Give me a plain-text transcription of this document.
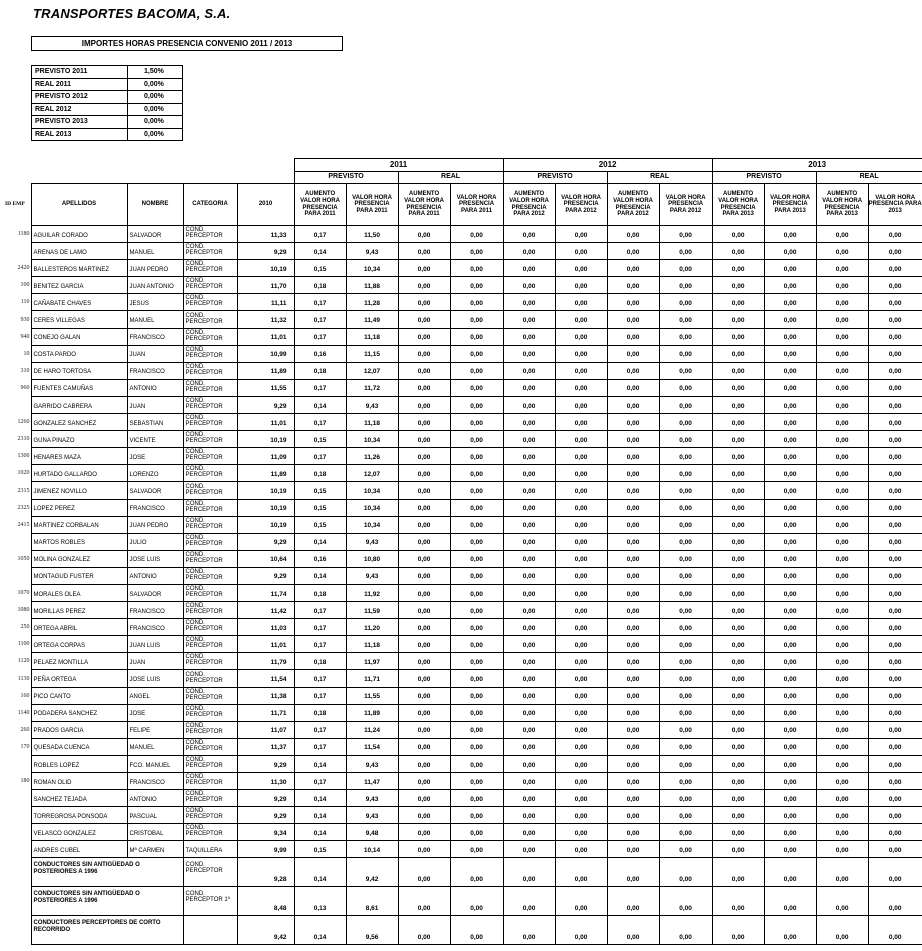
TRANSPORTES BACOMA, S.A.
IMPORTES HORAS PRESENCIA CONVENIO 2011 / 2013
PREVISTO 2011	1,50%
REAL 2011	0,00%
PREVISTO 2012	0,00%
REAL 2012	0,00%
PREVISTO 2013	0,00%
REAL 2013	0,00%
					2011				2012				2013			
					PREVISTO		REAL		PREVISTO		REAL		PREVISTO		REAL	
ID EMP	APELLIDOS	NOMBRE	CATEGORIA	2010	AUMENTO VALOR HORA PRESENCIA PARA 2011	VALOR HORA PRESENCIA PARA 2011	AUMENTO VALOR HORA PRESENCIA PARA 2011	VALOR HORA PRESENCIA PARA 2011	AUMENTO VALOR HORA PRESENCIA PARA 2012	VALOR HORA PRESENCIA PARA 2012	AUMENTO VALOR HORA PRESENCIA PARA 2012	VALOR HORA PRESENCIA PARA 2012	AUMENTO VALOR HORA PRESENCIA PARA 2013	VALOR HORA PRESENCIA PARA 2013	AUMENTO VALOR HORA PRESENCIA PARA 2013	VALOR HORA PRESENCIA PARA 2013
1180	AGUILAR CORADO	SALVADOR	COND. PERCEPTOR	11,33	0,17	11,50	0,00	0,00	0,00	0,00	0,00	0,00	0,00	0,00	0,00	0,00
	ARENAS DE LAMO	MANUEL	COND. PERCEPTOR	9,29	0,14	9,43	0,00	0,00	0,00	0,00	0,00	0,00	0,00	0,00	0,00	0,00
2420	BALLESTEROS MARTINEZ	JUAN PEDRO	COND. PERCEPTOR	10,19	0,15	10,34	0,00	0,00	0,00	0,00	0,00	0,00	0,00	0,00	0,00	0,00
100	BENITEZ GARCIA	JUAN ANTONIO	COND. PERCEPTOR	11,70	0,18	11,88	0,00	0,00	0,00	0,00	0,00	0,00	0,00	0,00	0,00	0,00
110	CAÑABATE CHAVES	JESUS	COND. PERCEPTOR	11,11	0,17	11,28	0,00	0,00	0,00	0,00	0,00	0,00	0,00	0,00	0,00	0,00
930	CERES VILLEGAS	MANUEL	COND. PERCEPTOR	11,32	0,17	11,49	0,00	0,00	0,00	0,00	0,00	0,00	0,00	0,00	0,00	0,00
940	CONEJO GALAN	FRANCISCO	COND. PERCEPTOR	11,01	0,17	11,18	0,00	0,00	0,00	0,00	0,00	0,00	0,00	0,00	0,00	0,00
10	COSTA PARDO	JUAN	COND. PERCEPTOR	10,99	0,16	11,15	0,00	0,00	0,00	0,00	0,00	0,00	0,00	0,00	0,00	0,00
310	DE HARO TORTOSA	FRANCISCO	COND. PERCEPTOR	11,89	0,18	12,07	0,00	0,00	0,00	0,00	0,00	0,00	0,00	0,00	0,00	0,00
960	FUENTES CAMUÑAS	ANTONIO	COND. PERCEPTOR	11,55	0,17	11,72	0,00	0,00	0,00	0,00	0,00	0,00	0,00	0,00	0,00	0,00
	GARRIDO CABRERA	JUAN	COND. PERCEPTOR	9,29	0,14	9,43	0,00	0,00	0,00	0,00	0,00	0,00	0,00	0,00	0,00	0,00
1260	GONZALEZ SANCHEZ	SEBASTIAN	COND. PERCEPTOR	11,01	0,17	11,18	0,00	0,00	0,00	0,00	0,00	0,00	0,00	0,00	0,00	0,00
2310	GUNA PINAZO	VICENTE	COND. PERCEPTOR	10,19	0,15	10,34	0,00	0,00	0,00	0,00	0,00	0,00	0,00	0,00	0,00	0,00
1300	HENARES MAZA	JOSE	COND. PERCEPTOR	11,09	0,17	11,26	0,00	0,00	0,00	0,00	0,00	0,00	0,00	0,00	0,00	0,00
1020	HURTADO GALLARDO	LORENZO	COND. PERCEPTOR	11,89	0,18	12,07	0,00	0,00	0,00	0,00	0,00	0,00	0,00	0,00	0,00	0,00
2315	JIMENEZ NOVILLO	SALVADOR	COND. PERCEPTOR	10,19	0,15	10,34	0,00	0,00	0,00	0,00	0,00	0,00	0,00	0,00	0,00	0,00
2325	LOPEZ PEREZ	FRANCISCO	COND. PERCEPTOR	10,19	0,15	10,34	0,00	0,00	0,00	0,00	0,00	0,00	0,00	0,00	0,00	0,00
2415	MARTINEZ CORBALAN	JUAN PEDRO	COND. PERCEPTOR	10,19	0,15	10,34	0,00	0,00	0,00	0,00	0,00	0,00	0,00	0,00	0,00	0,00
	MARTOS ROBLES	JULIO	COND. PERCEPTOR	9,29	0,14	9,43	0,00	0,00	0,00	0,00	0,00	0,00	0,00	0,00	0,00	0,00
1050	MOLINA GONZALEZ	JOSE LUIS	COND. PERCEPTOR	10,64	0,16	10,80	0,00	0,00	0,00	0,00	0,00	0,00	0,00	0,00	0,00	0,00
	MONTAGUD FUSTER	ANTONIO	COND. PERCEPTOR	9,29	0,14	9,43	0,00	0,00	0,00	0,00	0,00	0,00	0,00	0,00	0,00	0,00
1070	MORALES OLEA	SALVADOR	COND. PERCEPTOR	11,74	0,18	11,92	0,00	0,00	0,00	0,00	0,00	0,00	0,00	0,00	0,00	0,00
1080	MORILLAS PEREZ	FRANCISCO	COND. PERCEPTOR	11,42	0,17	11,59	0,00	0,00	0,00	0,00	0,00	0,00	0,00	0,00	0,00	0,00
250	ORTEGA ABRIL	FRANCISCO	COND. PERCEPTOR	11,03	0,17	11,20	0,00	0,00	0,00	0,00	0,00	0,00	0,00	0,00	0,00	0,00
1100	ORTEGA CORPAS	JUAN LUIS	COND. PERCEPTOR	11,01	0,17	11,18	0,00	0,00	0,00	0,00	0,00	0,00	0,00	0,00	0,00	0,00
1120	PELAEZ MONTILLA	JUAN	COND. PERCEPTOR	11,79	0,18	11,97	0,00	0,00	0,00	0,00	0,00	0,00	0,00	0,00	0,00	0,00
1130	PEÑA ORTEGA	JOSE LUIS	COND. PERCEPTOR	11,54	0,17	11,71	0,00	0,00	0,00	0,00	0,00	0,00	0,00	0,00	0,00	0,00
160	PICO CANTO	ANGEL	COND. PERCEPTOR	11,38	0,17	11,55	0,00	0,00	0,00	0,00	0,00	0,00	0,00	0,00	0,00	0,00
1140	PODADERA SANCHEZ	JOSE	COND. PERCEPTOR	11,71	0,18	11,89	0,00	0,00	0,00	0,00	0,00	0,00	0,00	0,00	0,00	0,00
260	PRADOS GARCIA	FELIPE	COND. PERCEPTOR	11,07	0,17	11,24	0,00	0,00	0,00	0,00	0,00	0,00	0,00	0,00	0,00	0,00
170	QUESADA CUENCA	MANUEL	COND. PERCEPTOR	11,37	0,17	11,54	0,00	0,00	0,00	0,00	0,00	0,00	0,00	0,00	0,00	0,00
	ROBLES LOPEZ	FCO. MANUEL	COND. PERCEPTOR	9,29	0,14	9,43	0,00	0,00	0,00	0,00	0,00	0,00	0,00	0,00	0,00	0,00
180	ROMAN OLID	FRANCISCO	COND. PERCEPTOR	11,30	0,17	11,47	0,00	0,00	0,00	0,00	0,00	0,00	0,00	0,00	0,00	0,00
	SANCHEZ TEJADA	ANTONIO	COND. PERCEPTOR	9,29	0,14	9,43	0,00	0,00	0,00	0,00	0,00	0,00	0,00	0,00	0,00	0,00
	TORREGROSA PONSODA	PASCUAL	COND. PERCEPTOR	9,29	0,14	9,43	0,00	0,00	0,00	0,00	0,00	0,00	0,00	0,00	0,00	0,00
	VELASCO GONZALEZ	CRISTOBAL	COND. PERCEPTOR	9,34	0,14	9,48	0,00	0,00	0,00	0,00	0,00	0,00	0,00	0,00	0,00	0,00
	ANDRES CUBEL	Mª CARMEN	TAQUILLERA	9,99	0,15	10,14	0,00	0,00	0,00	0,00	0,00	0,00	0,00	0,00	0,00	0,00
	CONDUCTORES SIN ANTIGÜEDAD O POSTERIORES A 1996		COND. PERCEPTOR	9,28	0,14	9,42	0,00	0,00	0,00	0,00	0,00	0,00	0,00	0,00	0,00	0,00
	CONDUCTORES SIN ANTIGÜEDAD O POSTERIORES A 1996		COND. PERCEPTOR 1º	8,48	0,13	8,61	0,00	0,00	0,00	0,00	0,00	0,00	0,00	0,00	0,00	0,00
	CONDUCTORES PERCEPTORES DE CORTO RECORRIDO			9,42	0,14	9,56	0,00	0,00	0,00	0,00	0,00	0,00	0,00	0,00	0,00	0,00
